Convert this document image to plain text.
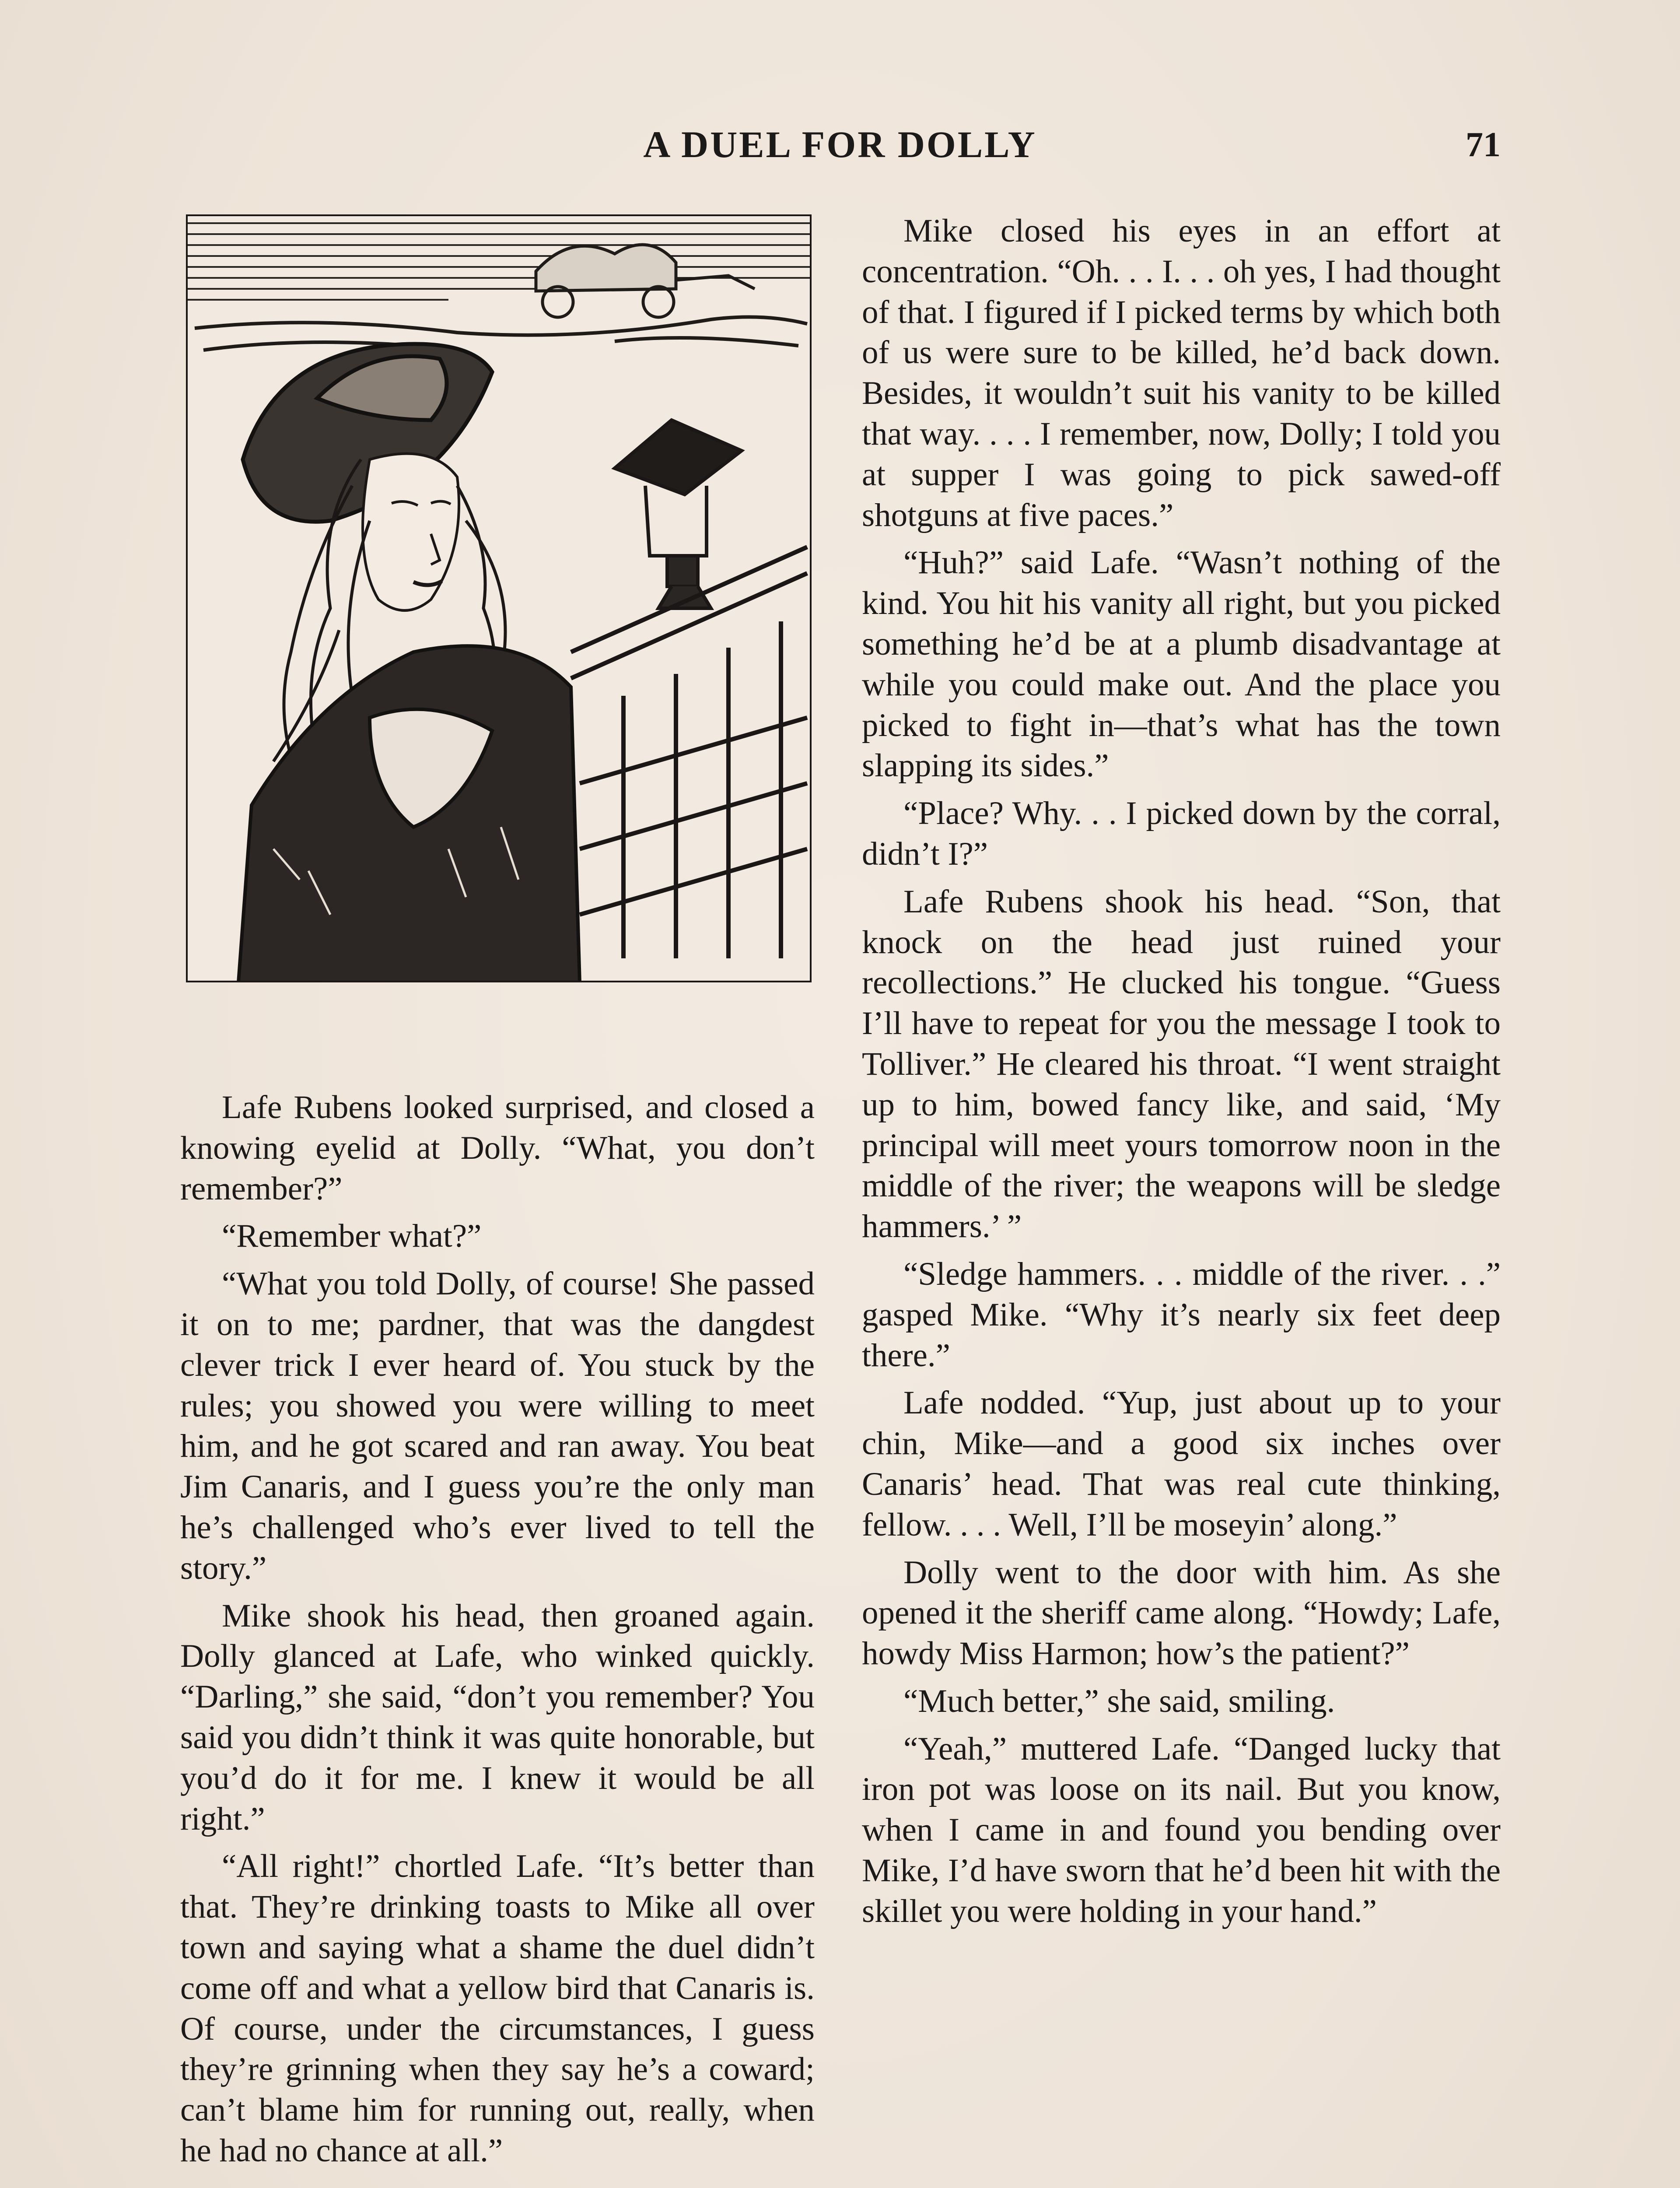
A DUEL FOR DOLLY	71

Lafe Rubens looked surprised, and closed a knowing eyelid at Dolly. “What, you don’t remember?”

“Remember what?”

“What you told Dolly, of course! She passed it on to me; pardner, that was the dangdest clever trick I ever heard of. You stuck by the rules; you showed you were willing to meet him, and he got scared and ran away. You beat Jim Canaris, and I guess you’re the only man he’s challenged who’s ever lived to tell the story.”

Mike shook his head, then groaned again. Dolly glanced at Lafe, who winked quickly. “Darling,” she said, “don’t you remember? You said you didn’t think it was quite honorable, but you’d do it for me. I knew it would be all right.”

“All right!” chortled Lafe. “It’s better than that. They’re drinking toasts to Mike all over town and saying what a shame the duel didn’t come off and what a yellow bird that Canaris is. Of course, under the circumstances, I guess they’re grinning when they say he’s a coward; can’t blame him for running out, really, when he had no chance at all.”

Mike closed his eyes in an effort at concentration. “Oh. . . I. . . oh yes, I had thought of that. I figured if I picked terms by which both of us were sure to be killed, he’d back down. Besides, it wouldn’t suit his vanity to be killed that way. . . . I remember, now, Dolly; I told you at supper I was going to pick sawed-off shotguns at five paces.”

“Huh?” said Lafe. “Wasn’t nothing of the kind. You hit his vanity all right, but you picked something he’d be at a plumb disadvantage at while you could make out. And the place you picked to fight in—that’s what has the town slapping its sides.”

“Place? Why. . . I picked down by the corral, didn’t I?”

Lafe Rubens shook his head. “Son, that knock on the head just ruined your recollections.” He clucked his tongue. “Guess I’ll have to repeat for you the message I took to Tolliver.” He cleared his throat. “I went straight up to him, bowed fancy like, and said, ‘My principal will meet yours tomorrow noon in the middle of the river; the weapons will be sledge hammers.’ ”

“Sledge hammers. . . middle of the river. . .” gasped Mike. “Why it’s nearly six feet deep there.”

Lafe nodded. “Yup, just about up to your chin, Mike—and a good six inches over Canaris’ head. That was real cute thinking, fellow. . . . Well, I’ll be moseyin’ along.”

Dolly went to the door with him. As she opened it the sheriff came along. “Howdy; Lafe, howdy Miss Harmon; how’s the patient?”

“Much better,” she said, smiling.

“Yeah,” muttered Lafe. “Danged lucky that iron pot was loose on its nail. But you know, when I came in and found you bending over Mike, I’d have sworn that he’d been hit with the skillet you were holding in your hand.”
